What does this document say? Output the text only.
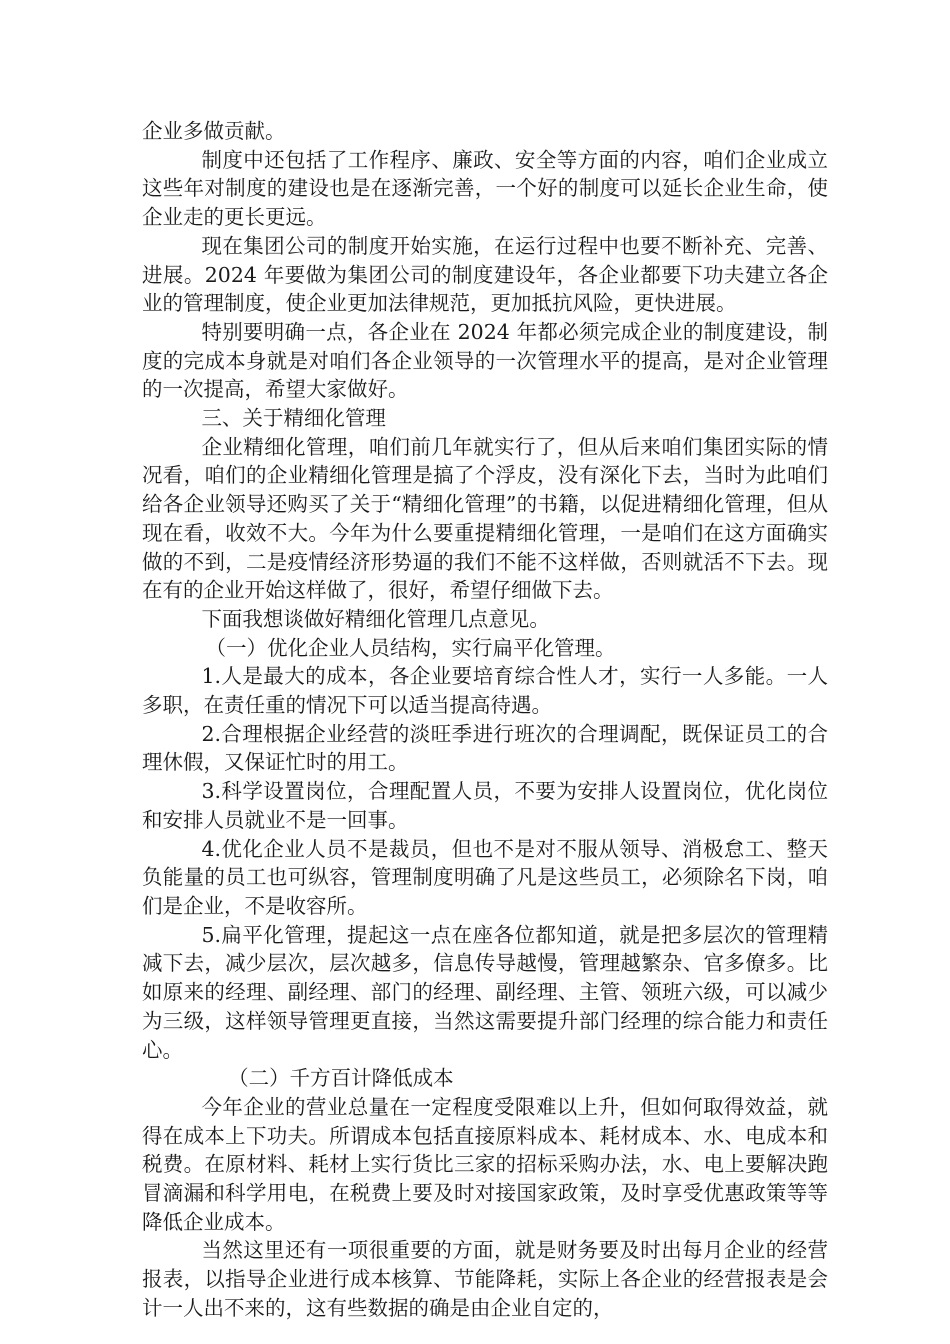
企业多做贡献。

制度中还包括了工作程序、廉政、安全等方面的内容，咱们企业成立这些年对制度的建设也是在逐渐完善，一个好的制度可以延长企业生命，使企业走的更长更远。

现在集团公司的制度开始实施，在运行过程中也要不断补充、完善、进展。2024 年要做为集团公司的制度建设年，各企业都要下功夫建立各企业的管理制度，使企业更加法律规范，更加抵抗风险，更快进展。

特别要明确一点，各企业在 2024 年都必须完成企业的制度建设，制度的完成本身就是对咱们各企业领导的一次管理水平的提高，是对企业管理的一次提高，希望大家做好。

三、关于精细化管理

企业精细化管理，咱们前几年就实行了，但从后来咱们集团实际的情况看，咱们的企业精细化管理是搞了个浮皮，没有深化下去，当时为此咱们给各企业领导还购买了关于“精细化管理”的书籍，以促进精细化管理，但从现在看，收效不大。今年为什么要重提精细化管理，一是咱们在这方面确实做的不到，二是疫情经济形势逼的我们不能不这样做，否则就活不下去。现在有的企业开始这样做了，很好，希望仔细做下去。

下面我想谈做好精细化管理几点意见。

（一）优化企业人员结构，实行扁平化管理。

1.人是最大的成本，各企业要培育综合性人才，实行一人多能。一人多职，在责任重的情况下可以适当提高待遇。

2.合理根据企业经营的淡旺季进行班次的合理调配，既保证员工的合理休假，又保证忙时的用工。

3.科学设置岗位，合理配置人员，不要为安排人设置岗位，优化岗位和安排人员就业不是一回事。

4.优化企业人员不是裁员，但也不是对不服从领导、消极怠工、整天负能量的员工也可纵容，管理制度明确了凡是这些员工，必须除名下岗，咱们是企业，不是收容所。

5.扁平化管理，提起这一点在座各位都知道，就是把多层次的管理精减下去，减少层次，层次越多，信息传导越慢，管理越繁杂、官多僚多。比如原来的经理、副经理、部门的经理、副经理、主管、领班六级，可以减少为三级，这样领导管理更直接，当然这需要提升部门经理的综合能力和责任心。

（二）千方百计降低成本

今年企业的营业总量在一定程度受限难以上升，但如何取得效益，就得在成本上下功夫。所谓成本包括直接原料成本、耗材成本、水、电成本和税费。在原材料、耗材上实行货比三家的招标采购办法，水、电上要解决跑冒滴漏和科学用电，在税费上要及时对接国家政策，及时享受优惠政策等等降低企业成本。

当然这里还有一项很重要的方面，就是财务要及时出每月企业的经营报表，以指导企业进行成本核算、节能降耗，实际上各企业的经营报表是会计一人出不来的，这有些数据的确是由企业自定的，
